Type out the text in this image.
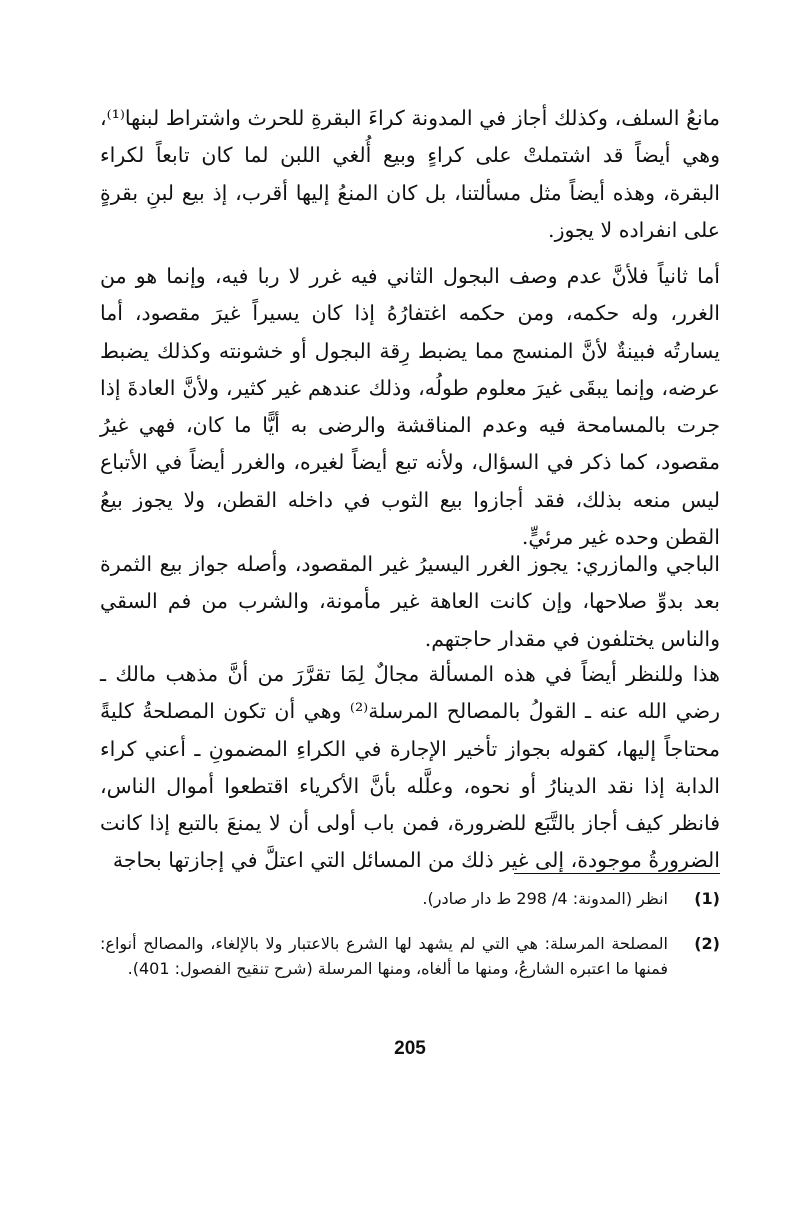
مانعُ السلف، وكذلك أجاز في المدونة كراءَ البقرةِ للحرث واشتراط لبنها⁽¹⁾، وهي أيضاً قد اشتملتْ على كراءٍ وبيع أُلغي اللبن لما كان تابعاً لكراء البقرة، وهذه أيضاً مثل مسألتنا، بل كان المنعُ إليها أقرب، إذ بيع لبنِ بقرةٍ على انفراده لا يجوز.

أما ثانياً فلأنَّ عدم وصف البجول الثاني فيه غرر لا ربا فيه، وإنما هو من الغرر، وله حكمه، ومن حكمه اغتفارُهُ إذا كان يسيراً غيرَ مقصود، أما يسارتُه فبينةٌ لأنَّ المنسج مما يضبط رِقة البجول أو خشونته وكذلك يضبط عرضه، وإنما يبقَى غيرَ معلوم طولُه، وذلك عندهم غير كثير، ولأنَّ العادةَ إذا جرت بالمسامحة فيه وعدم المناقشة والرضى به أيًّا ما كان، فهي غيرُ مقصود، كما ذكر في السؤال، ولأنه تبع أيضاً لغيره، والغرر أيضاً في الأتباع ليس منعه بذلك، فقد أجازوا بيع الثوب في داخله القطن، ولا يجوز بيعُ القطن وحده غير مرئيٍّ.

الباجي والمازري: يجوز الغرر اليسيرُ غير المقصود، وأصله جواز بيع الثمرة بعد بدوِّ صلاحها، وإن كانت العاهة غير مأمونة، والشرب من فم السقي والناس يختلفون في مقدار حاجتهم.

هذا وللنظر أيضاً في هذه المسألة مجالٌ لِمَا تقرَّرَ من أنَّ مذهب مالك ـ رضي الله عنه ـ القولُ بالمصالح المرسلة⁽²⁾ وهي أن تكون المصلحةُ كليةً محتاجاً إليها، كقوله بجواز تأخير الإجارة في الكراءِ المضمونِ ـ أعني كراء الدابة إذا نقد الدينارُ أو نحوه، وعلَّله بأنَّ الأكرياء اقتطعوا أموال الناس، فانظر كيف أجاز بالتَّبَع للضرورة، فمن باب أولى أن لا يمنعَ بالتبع إذا كانت الضرورةُ موجودة، إلى غير ذلك من المسائل التي اعتلَّ في إجازتها بحاجة

(1)
انظر (المدونة: 4/ 298 ط دار صادر).
(2)
المصلحة المرسلة: هي التي لم يشهد لها الشرع بالاعتبار ولا بالإلغاء، والمصالح أنواع: فمنها ما اعتبره الشارعُ، ومنها ما ألغاه، ومنها المرسلة (شرح تنقيح الفصول: 401).
205
